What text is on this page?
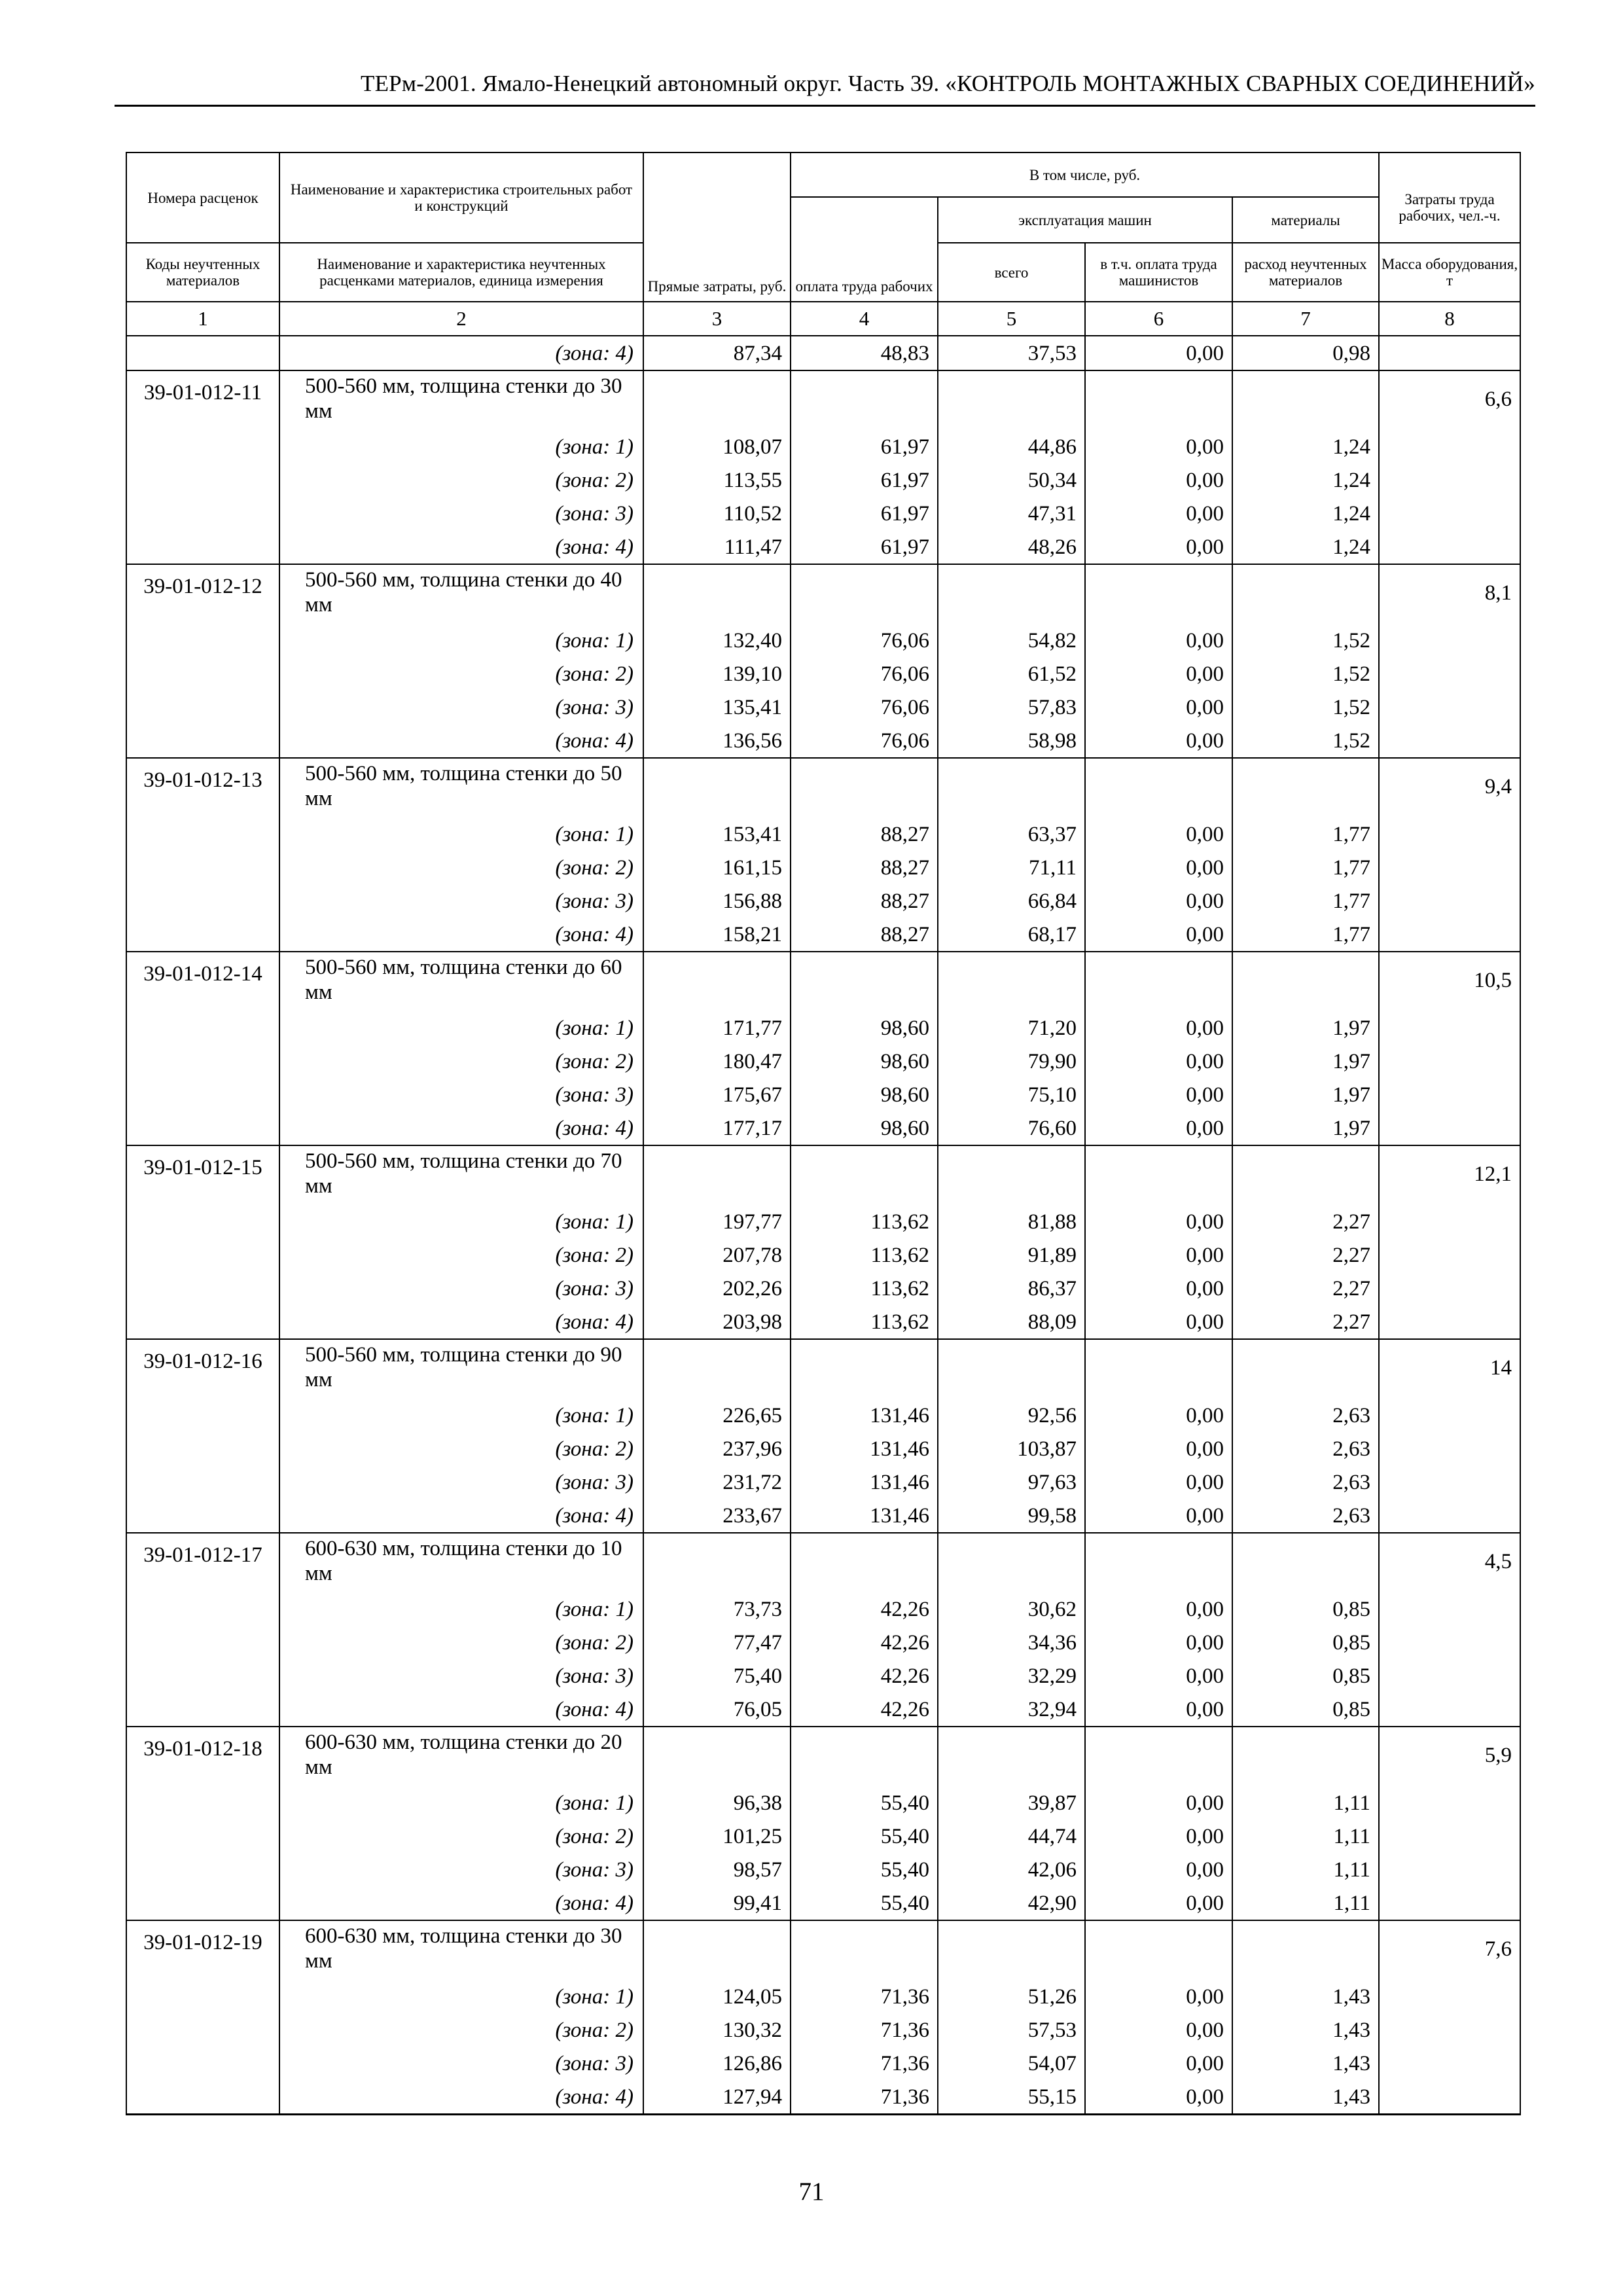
ТЕРм-2001. Ямало-Ненецкий автономный округ. Часть 39. «КОНТРОЛЬ МОНТАЖНЫХ СВАРНЫХ СОЕДИНЕНИЙ»
Номера расценок	Наименование и характеристика строительных работ и конструкций	Прямые затраты, руб.	В том числе, руб.				Затраты труда рабочих, чел.-ч.
			оплата труда рабочих	эксплуатация машин		материалы	
Коды неучтенных материалов	Наименование и характеристика неучтенных расценками материалов, единица измерения			всего	в т.ч. оплата труда машинистов	расход неучтенных материалов	Масса оборудования, т
1	2	3	4	5	6	7	8
	(зона: 4)	87,34	48,83	37,53	0,00	0,98	
39-01-012-11	500-560 мм, толщина стенки до 30 мм						6,6
	(зона: 1)	108,07	61,97	44,86	0,00	1,24	
	(зона: 2)	113,55	61,97	50,34	0,00	1,24	
	(зона: 3)	110,52	61,97	47,31	0,00	1,24	
	(зона: 4)	111,47	61,97	48,26	0,00	1,24	
39-01-012-12	500-560 мм, толщина стенки до 40 мм						8,1
	(зона: 1)	132,40	76,06	54,82	0,00	1,52	
	(зона: 2)	139,10	76,06	61,52	0,00	1,52	
	(зона: 3)	135,41	76,06	57,83	0,00	1,52	
	(зона: 4)	136,56	76,06	58,98	0,00	1,52	
39-01-012-13	500-560 мм, толщина стенки до 50 мм						9,4
	(зона: 1)	153,41	88,27	63,37	0,00	1,77	
	(зона: 2)	161,15	88,27	71,11	0,00	1,77	
	(зона: 3)	156,88	88,27	66,84	0,00	1,77	
	(зона: 4)	158,21	88,27	68,17	0,00	1,77	
39-01-012-14	500-560 мм, толщина стенки до 60 мм						10,5
	(зона: 1)	171,77	98,60	71,20	0,00	1,97	
	(зона: 2)	180,47	98,60	79,90	0,00	1,97	
	(зона: 3)	175,67	98,60	75,10	0,00	1,97	
	(зона: 4)	177,17	98,60	76,60	0,00	1,97	
39-01-012-15	500-560 мм, толщина стенки до 70 мм						12,1
	(зона: 1)	197,77	113,62	81,88	0,00	2,27	
	(зона: 2)	207,78	113,62	91,89	0,00	2,27	
	(зона: 3)	202,26	113,62	86,37	0,00	2,27	
	(зона: 4)	203,98	113,62	88,09	0,00	2,27	
39-01-012-16	500-560 мм, толщина стенки до 90 мм						14
	(зона: 1)	226,65	131,46	92,56	0,00	2,63	
	(зона: 2)	237,96	131,46	103,87	0,00	2,63	
	(зона: 3)	231,72	131,46	97,63	0,00	2,63	
	(зона: 4)	233,67	131,46	99,58	0,00	2,63	
39-01-012-17	600-630 мм, толщина стенки до 10 мм						4,5
	(зона: 1)	73,73	42,26	30,62	0,00	0,85	
	(зона: 2)	77,47	42,26	34,36	0,00	0,85	
	(зона: 3)	75,40	42,26	32,29	0,00	0,85	
	(зона: 4)	76,05	42,26	32,94	0,00	0,85	
39-01-012-18	600-630 мм, толщина стенки до 20 мм						5,9
	(зона: 1)	96,38	55,40	39,87	0,00	1,11	
	(зона: 2)	101,25	55,40	44,74	0,00	1,11	
	(зона: 3)	98,57	55,40	42,06	0,00	1,11	
	(зона: 4)	99,41	55,40	42,90	0,00	1,11	
39-01-012-19	600-630 мм, толщина стенки до 30 мм						7,6
	(зона: 1)	124,05	71,36	51,26	0,00	1,43	
	(зона: 2)	130,32	71,36	57,53	0,00	1,43	
	(зона: 3)	126,86	71,36	54,07	0,00	1,43	
	(зона: 4)	127,94	71,36	55,15	0,00	1,43	
71
